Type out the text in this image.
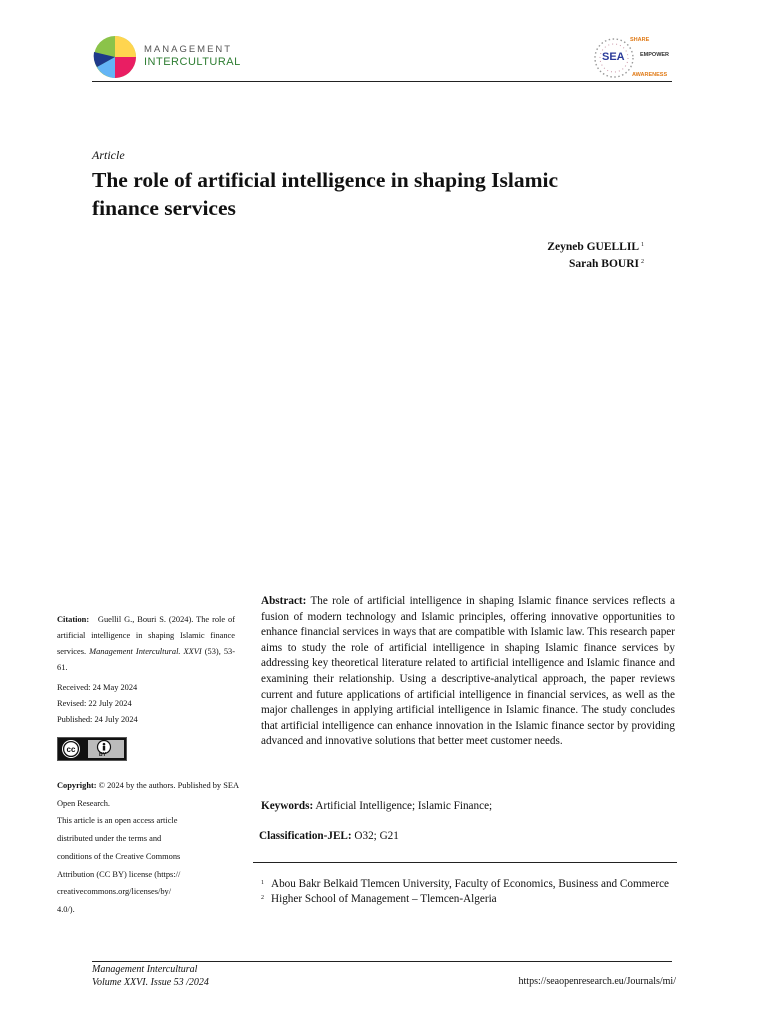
MANAGEMENT
INTERCULTURAL	SEA
SHARE
EMPOWER
AWARENESS
Article
The role of artificial intelligence in shaping Islamic
finance services
Zeyneb GUELLIL $^1$
Sarah BOURI $^2$

Citation: Guellil G., Bouri S. (2024). The role of artificial intelligence in shaping Islamic finance services. Management Intercultural. XXVI (53), 53-61.

Received: 24 May 2024

Revised: 22 July 2024

Published: 24 July 2024

cc
BY
Copyright: © 2024 by the authors. Published by SEA Open Research.
This article is an open access article
distributed under the terms and
conditions of the Creative Commons
Attribution (CC BY) license (https://
creativecommons.org/licenses/by/
4.0/).
Abstract: The role of artificial intelligence in shaping Islamic finance services reflects a fusion of modern technology and Islamic principles, offering innovative opportunities to enhance financial services in ways that are compatible with Islamic law. This research paper aims to study the role of artificial intelligence in shaping Islamic finance services by addressing key theoretical literature related to artificial intelligence and Islamic finance and examining their relationship. Using a descriptive-analytical approach, the paper reviews current and future applications of artificial intelligence in financial services, as well as the major challenges in applying artificial intelligence in Islamic finance. The study concludes that artificial intelligence can enhance innovation in the Islamic finance sector by providing advanced and innovative solutions that better meet customer needs.
Keywords: Artificial Intelligence; Islamic Finance;
Classification-JEL: O32; G21
1 Abou Bakr Belkaid Tlemcen University, Faculty of Economics, Business and Commerce
2 Higher School of Management – Tlemcen-Algeria
Management Intercultural
Volume XXVI. Issue 53 /2024	https://seaopenresearch.eu/Journals/mi/
